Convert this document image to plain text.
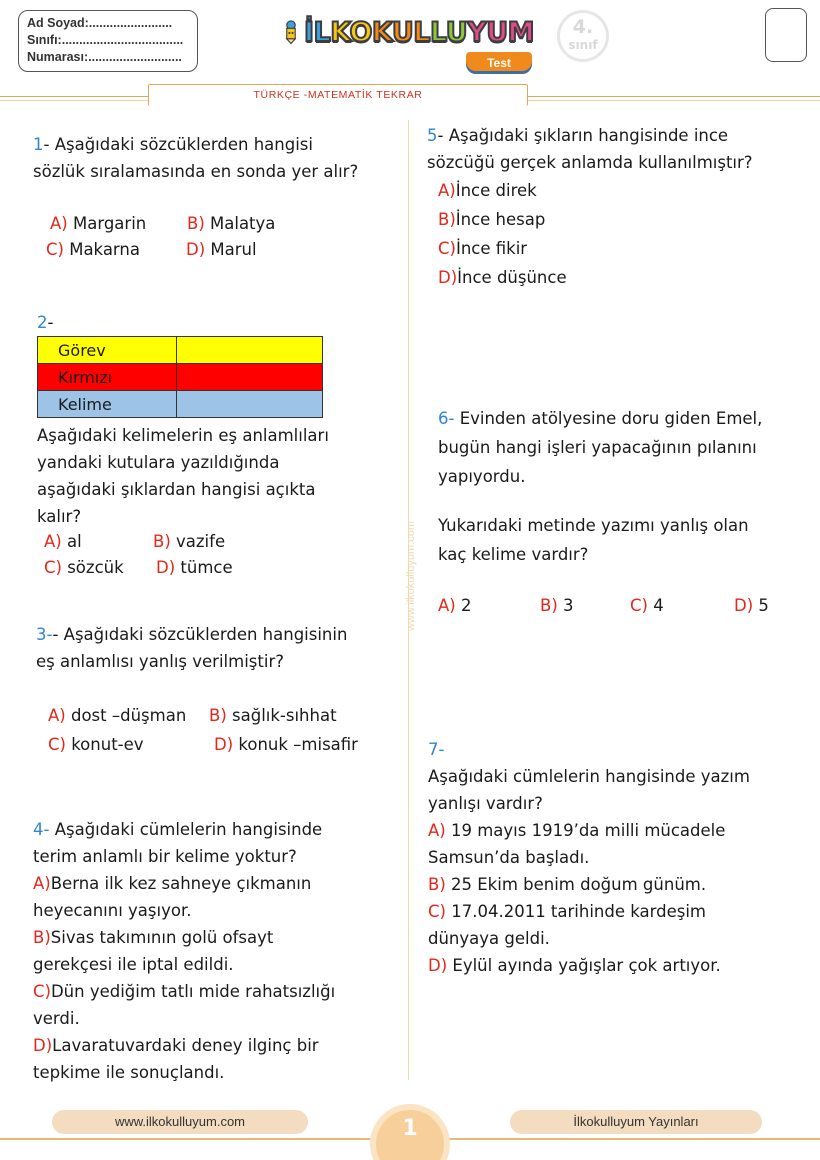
Ad Soyad:........................
Sınıfı:...................................
Numarası:...........................
İLKOKULLUYUM
Test
4.
sınıf
TÜRKÇE -MATEMATİK TEKRAR
www.ilkokulluyum.com
1- Aşağıdaki sözcüklerden hangisi
sözlük sıralamasında en sonda yer alır?
A) Margarin B) Malatya
C) Makarna	D) Marul
2-
Görev	
Kırmızı	
Kelime	
Aşağıdaki kelimelerin eş anlamlıları
yandaki kutulara yazıldığında
aşağıdaki şıklardan hangisi açıkta
kalır?
A) al	B) vazife
C) sözcük D) tümce
3-- Aşağıdaki sözcüklerden hangisinin
eş anlamlısı yanlış verilmiştir?
A) dost –düşman B) sağlık-sıhhat
C) konut-ev	D) konuk –misafir
4- Aşağıdaki cümlelerin hangisinde
terim anlamlı bir kelime yoktur?
A)Berna ilk kez sahneye çıkmanın
heyecanını yaşıyor.
B)Sivas takımının golü ofsayt
gerekçesi ile iptal edildi.
C)Dün yediğim tatlı mide rahatsızlığı
verdi.
D)Lavaratuvardaki deney ilginç bir
tepkime ile sonuçlandı.
5- Aşağıdaki şıkların hangisinde ince
sözcüğü gerçek anlamda kullanılmıştır?
A)İnce direk
B)İnce hesap
C)İnce fikir
D)İnce düşünce
6- Evinden atölyesine doru giden Emel,
bugün hangi işleri yapacağının pılanını
yapıyordu.
Yukarıdaki metinde yazımı yanlış olan
kaç kelime vardır?
A) 2	B) 3	C) 4	D) 5
7-
Aşağıdaki cümlelerin hangisinde yazım
yanlışı vardır?
A) 19 mayıs 1919’da milli mücadele
Samsun’da başladı.
B) 25 Ekim benim doğum günüm.
C) 17.04.2011 tarihinde kardeşim
dünyaya geldi.
D) Eylül ayında yağışlar çok artıyor.
www.ilkokulluyum.com	İlkokulluyum Yayınları
1
